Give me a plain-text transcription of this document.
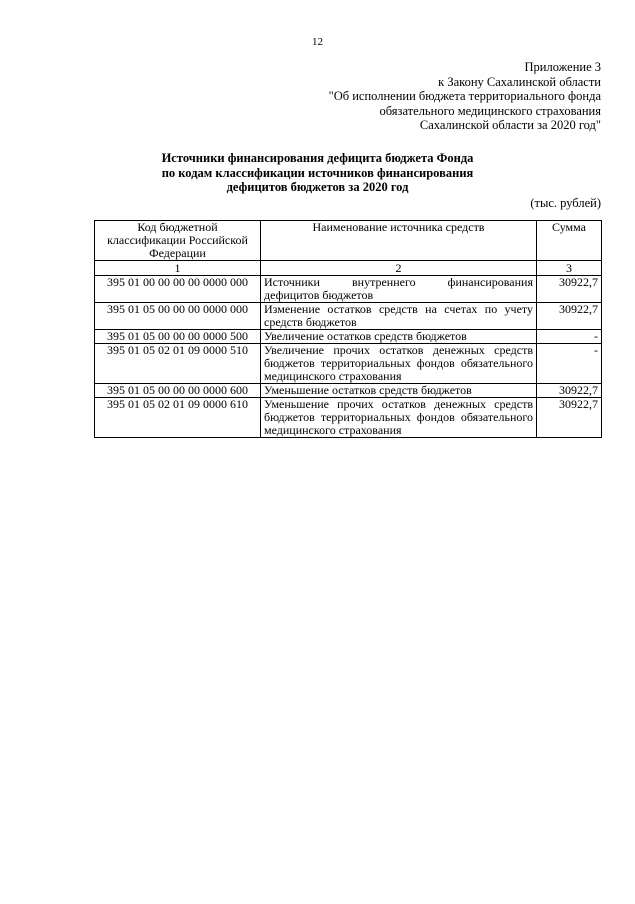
12
Приложение 3
к Закону Сахалинской области
"Об исполнении бюджета территориального фонда
обязательного медицинского страхования
Сахалинской области за 2020 год"
Источники финансирования дефицита бюджета Фонда
по кодам классификации источников финансирования
дефицитов бюджетов за 2020 год
(тыс. рублей)
Код бюджетной классификации Российской Федерации	Наименование источника средств	Сумма
1	2	3
395 01 00 00 00 00 0000 000	Источники внутреннего финансирования дефицитов бюджетов	30922,7
395 01 05 00 00 00 0000 000	Изменение остатков средств на счетах по учету средств бюджетов	30922,7
395 01 05 00 00 00 0000 500	Увеличение остатков средств бюджетов	-
395 01 05 02 01 09 0000 510	Увеличение прочих остатков денежных средств бюджетов территориальных фондов обязательного медицинского страхования	-
395 01 05 00 00 00 0000 600	Уменьшение остатков средств бюджетов	30922,7
395 01 05 02 01 09 0000 610	Уменьшение прочих остатков денежных средств бюджетов территориальных фондов обязательного медицинского страхования	30922,7
